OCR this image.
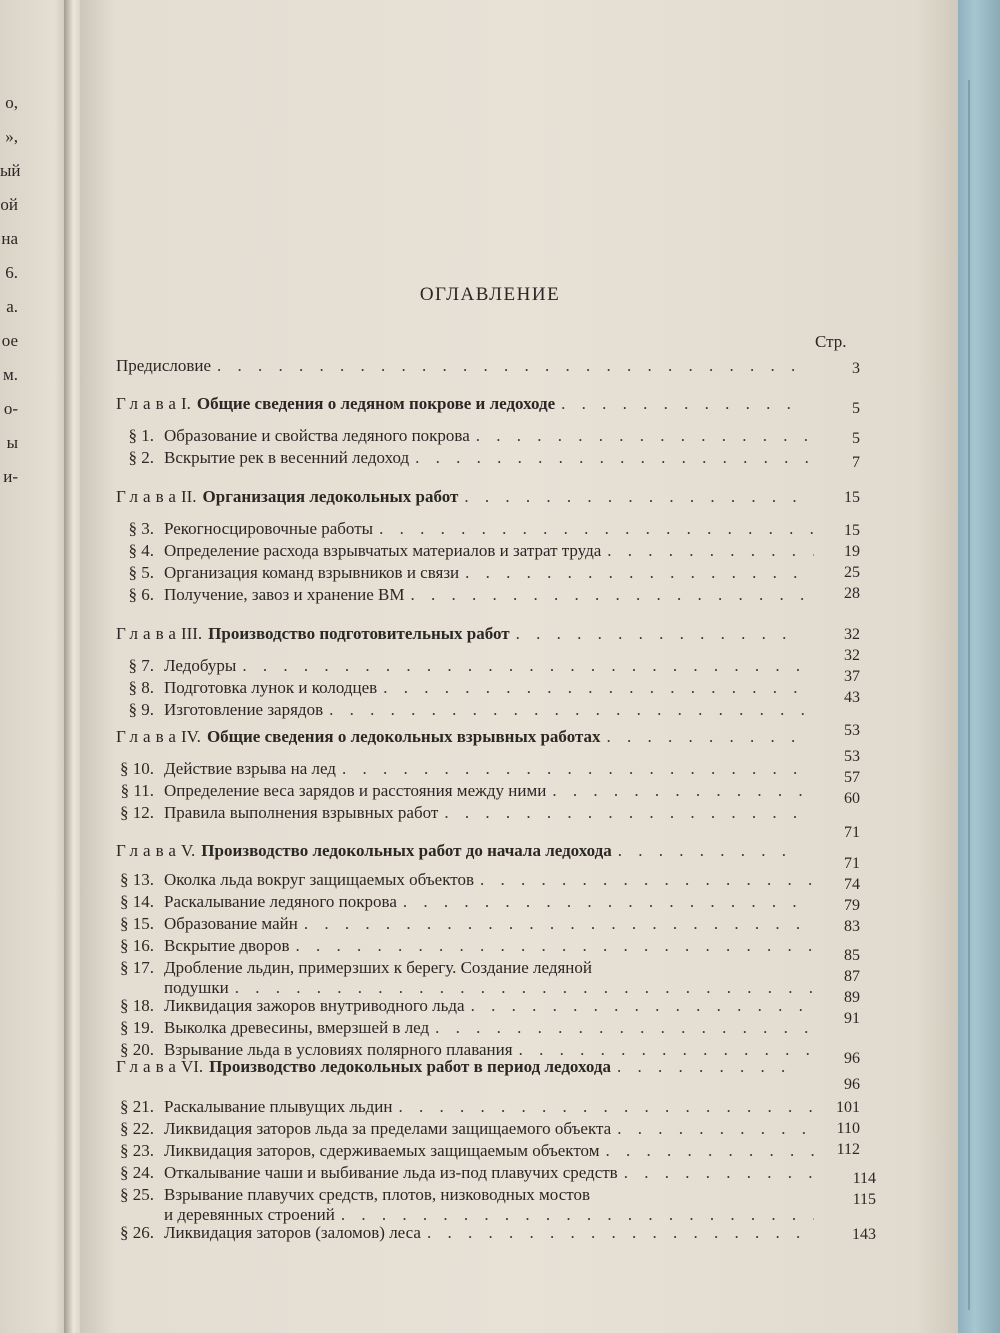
о,
»,
ый
ой
на
6.
а.
ое
м.
о-
ы
и-
ОГЛАВЛЕНИЕ
Стр.
Предисловие
. . .
ГлаваI. Общие сведения о ледяном покрове и ледоходе
. . .
§ 1. Образование и свойства ледяного покрова
. . .
§ 2. Вскрытие рек в весенний ледоход
. . .
ГлаваII. Организация ледокольных работ
. . .
§ 3. Рекогносцировочные работы
. . .
§ 4. Определение расхода взрывчатых материалов и затрат труда
. . .
§ 5. Организация команд взрывников и связи
. . .
§ 6. Получение, завоз и хранение ВМ
. . .
ГлаваIII. Производство подготовительных работ
. . .
§ 7. Ледобуры
. . .
§ 8. Подготовка лунок и колодцев
. . .
§ 9. Изготовление зарядов
. . .
ГлаваIV. Общие сведения о ледокольных взрывных работах
. . .
§ 10. Действие взрыва на лед
. . .
§ 11. Определение веса зарядов и расстояния между ними
. . .
§ 12. Правила выполнения взрывных работ
. . .
ГлаваV. Производство ледокольных работ до начала ледохода
. . .
§ 13. Околка льда вокруг защищаемых объектов
. . .
§ 14. Раскалывание ледяного покрова
. . .
§ 15. Образование майн
. . .
§ 16. Вскрытие дворов
. . .
§ 17. Дробление льдин, примерзших к берегу. Создание ледяной
подушки
. . .
§ 18. Ликвидация зажоров внутриводного льда
. . .
§ 19. Выколка древесины, вмерзшей в лед
. . .
§ 20. Взрывание льда в условиях полярного плавания
. . .
ГлаваVI. Производство ледокольных работ в период ледохода
. . .
§ 21. Раскалывание плывущих льдин
. . .
§ 22. Ликвидация заторов льда за пределами защищаемого объекта
. . .
§ 23. Ликвидация заторов, сдерживаемых защищаемым объектом
. . .
§ 24. Откалывание чаши и выбивание льда из-под плавучих средств
. . .
§ 25. Взрывание плавучих средств, плотов, низководных мостов
и деревянных строений
. . .
§ 26. Ликвидация заторов (заломов) леса
. . .
3
5
5
7
15
15
19
25
28
32
32
37
43
53
53
57
60
71
71
74
79
83
85
87
89
91
96
96
101
110
112
114
115
143
